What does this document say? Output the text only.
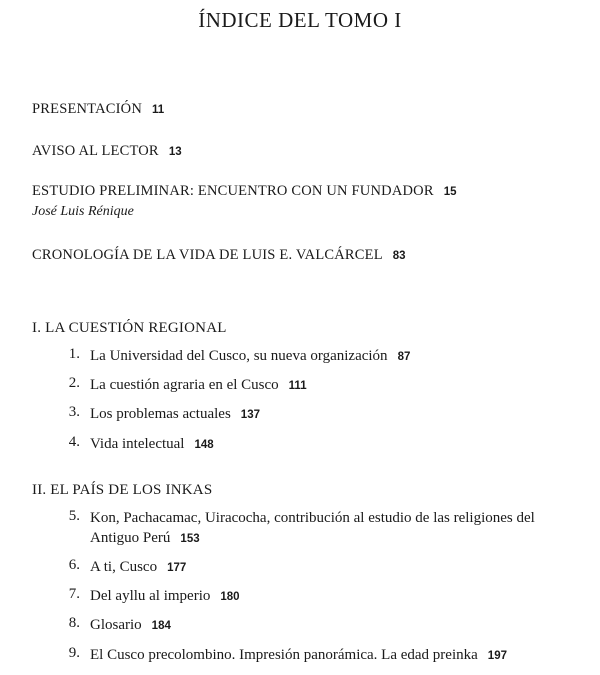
ÍNDICE DEL TOMO I
PRESENTACIÓN 11
AVISO AL LECTOR 13
ESTUDIO PRELIMINAR: ENCUENTRO CON UN FUNDADOR 15
José Luis Rénique
CRONOLOGÍA DE LA VIDA DE LUIS E. VALCÁRCEL 83
I. LA CUESTIÓN REGIONAL
1. La Universidad del Cusco, su nueva organización 87
2. La cuestión agraria en el Cusco 111
3. Los problemas actuales 137
4. Vida intelectual 148
II. EL PAÍS DE LOS INKAS
5. Kon, Pachacamac, Uiracocha, contribución al estudio de las religiones del Antiguo Perú 153
6. A ti, Cusco 177
7. Del ayllu al imperio 180
8. Glosario 184
9. El Cusco precolombino. Impresión panorámica. La edad preinka 197
